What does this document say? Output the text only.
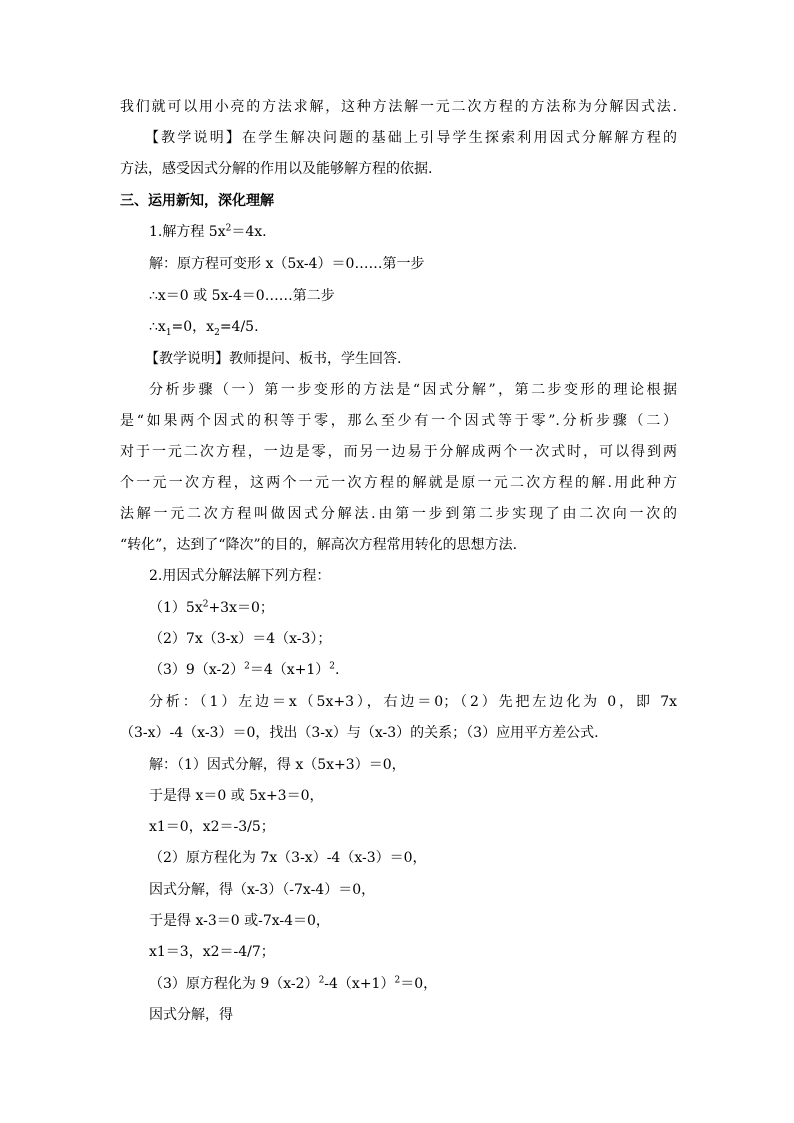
我们就可以用小亮的方法求解，这种方法解一元二次方程的方法称为分解因式法.
【教学说明】在学生解决问题的基础上引导学生探索利用因式分解解方程的
方法，感受因式分解的作用以及能够解方程的依据.
三、运用新知，深化理解
1.解方程 $5x^2=4x$.
解：原方程可变形 x（5x-4）＝0……第一步
∴x＝0 或 5x-4＝0……第二步
$\therefore x_1=0$，$x_2=4/5$.
【教学说明】教师提问、板书，学生回答.
分析步骤（一）第一步变形的方法是“因式分解”，第二步变形的理论根据
是“如果两个因式的积等于零，那么至少有一个因式等于零”.分析步骤（二）
对于一元二次方程，一边是零，而另一边易于分解成两个一次式时，可以得到两
个一元一次方程，这两个一元一次方程的解就是原一元二次方程的解.用此种方
法解一元二次方程叫做因式分解法.由第一步到第二步实现了由二次向一次的
“转化”，达到了“降次”的目的，解高次方程常用转化的思想方法.
2.用因式分解法解下列方程：
$(1)5x^2+3x=0$；
（2）7x（3-x）＝4（x-3）；
$(3)9(x-2)^2=4(x+1)^2$.
分析：（1）左边＝x（5x+3），右边＝0；（2）先把左边化为 0，即 7x
（3-x）-4（x-3）＝0，找出（3-x）与（x-3）的关系；（3）应用平方差公式.
解：（1）因式分解，得 x（5x+3）＝0，
于是得 x＝0 或 5x+3＝0，
x1＝0，x2＝-3/5；
（2）原方程化为 7x（3-x）-4（x-3）＝0，
因式分解，得（x-3）（-7x-4）＝0，
于是得 x-3＝0 或-7x-4＝0，
x1＝3，x2＝-4/7；
（3）原方程化为 $9(x-2)^2-4(x+1)^2=0$，
因式分解，得
